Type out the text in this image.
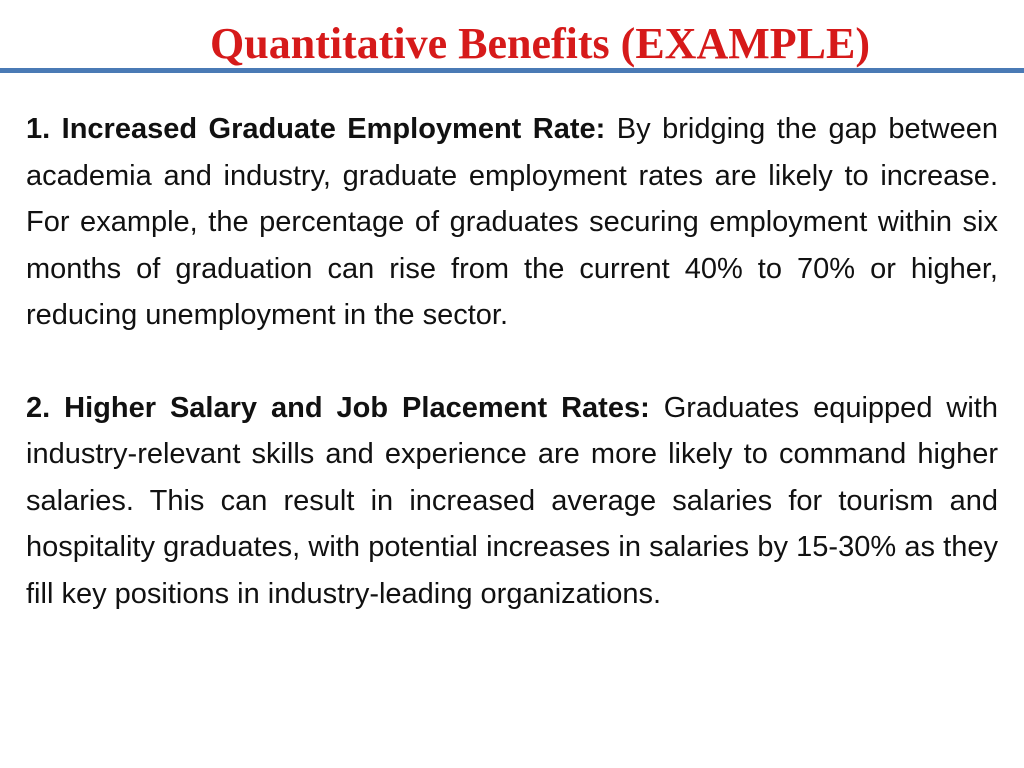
Quantitative Benefits (EXAMPLE)

1. Increased Graduate Employment Rate: By bridging the gap between academia and industry, graduate employment rates are likely to increase. For example, the percentage of graduates securing employment within six months of graduation can rise from the current 40% to 70% or higher, reducing unemployment in the sector.

2. Higher Salary and Job Placement Rates: Graduates equipped with industry-relevant skills and experience are more likely to command higher salaries. This can result in increased average salaries for tourism and hospitality graduates, with potential increases in salaries by 15-30% as they fill key positions in industry-leading organizations.
